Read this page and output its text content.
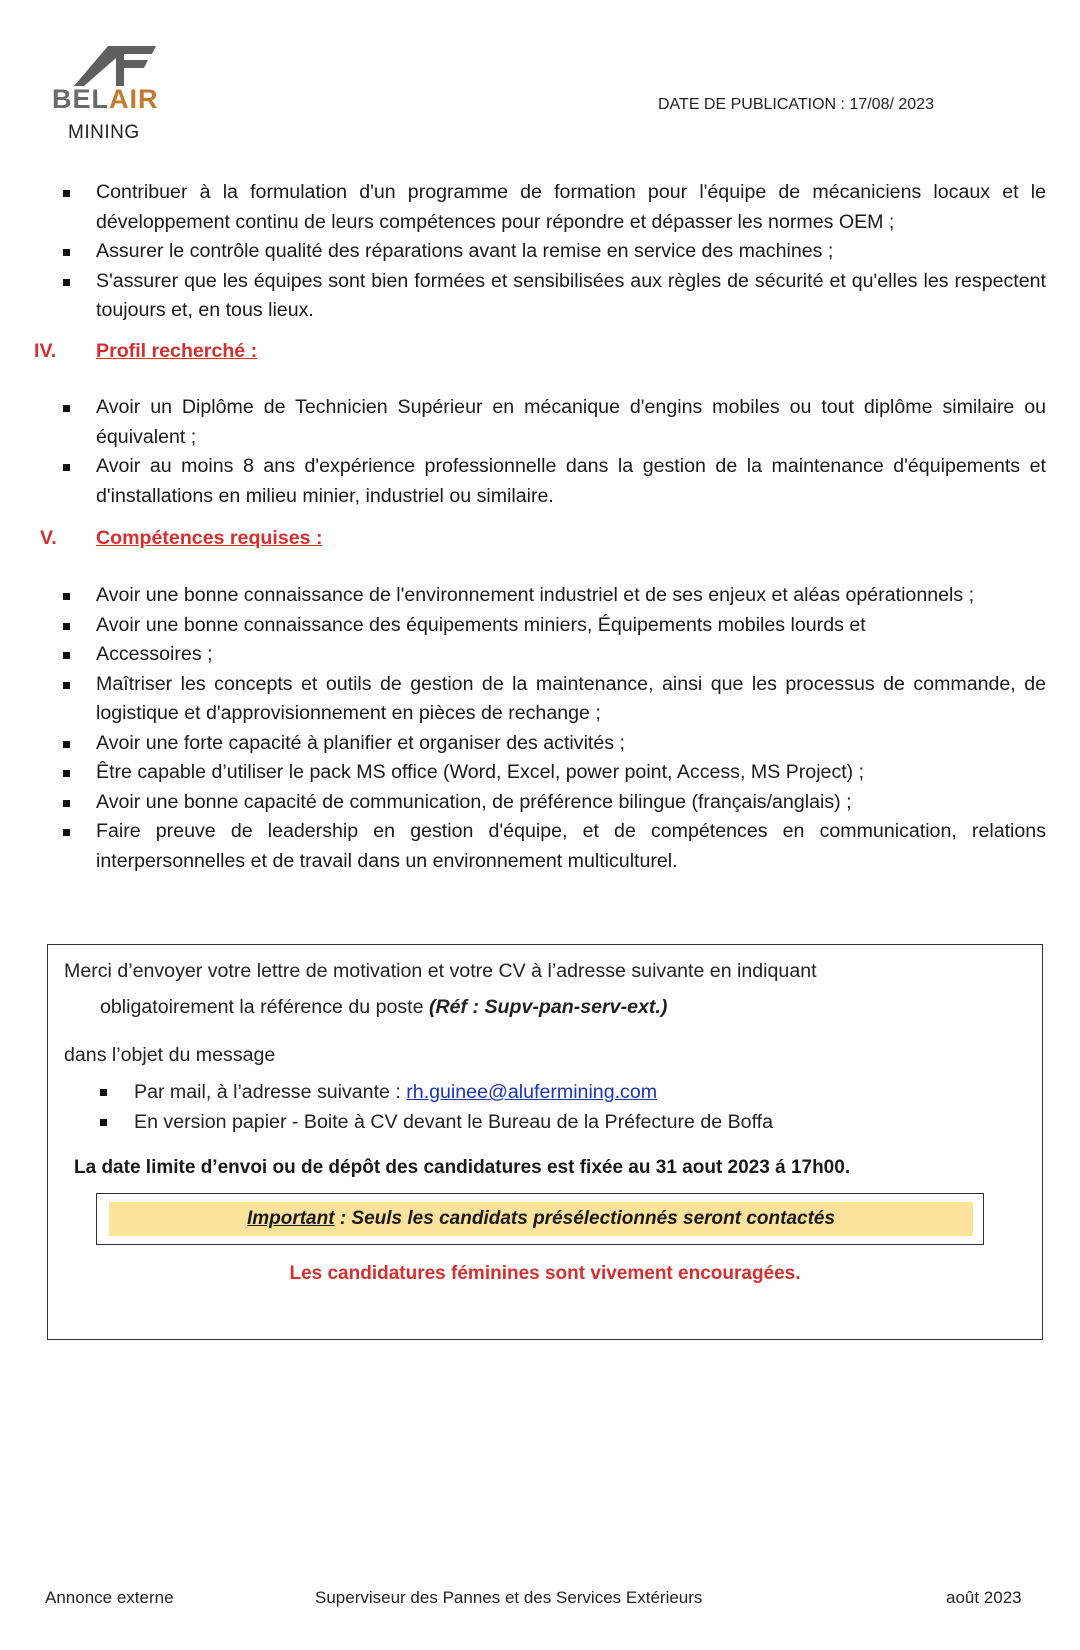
BELAIR
MINING
DATE DE PUBLICATION : 17/08/ 2023
Contribuer à la formulation d'un programme de formation pour l'équipe de mécaniciens locaux et le développement continu de leurs compétences pour répondre et dépasser les normes OEM ;
Assurer le contrôle qualité des réparations avant la remise en service des machines ;
S'assurer que les équipes sont bien formées et sensibilisées aux règles de sécurité et qu'elles les respectent toujours et, en tous lieux.
IV. Profil recherché :
Avoir un Diplôme de Technicien Supérieur en mécanique d'engins mobiles ou tout diplôme similaire ou équivalent ;
Avoir au moins 8 ans d'expérience professionnelle dans la gestion de la maintenance d'équipements et d'installations en milieu minier, industriel ou similaire.
V. Compétences requises :
Avoir une bonne connaissance de l'environnement industriel et de ses enjeux et aléas opérationnels ;
Avoir une bonne connaissance des équipements miniers, Équipements mobiles lourds et
Accessoires ;
Maîtriser les concepts et outils de gestion de la maintenance, ainsi que les processus de commande, de logistique et d'approvisionnement en pièces de rechange ;
Avoir une forte capacité à planifier et organiser des activités ;
Être capable d’utiliser le pack MS office (Word, Excel, power point, Access, MS Project) ;
Avoir une bonne capacité de communication, de préférence bilingue (français/anglais) ;
Faire preuve de leadership en gestion d'équipe, et de compétences en communication, relations interpersonnelles et de travail dans un environnement multiculturel.
Merci d’envoyer votre lettre de motivation et votre CV à l’adresse suivante en indiquant
obligatoirement la référence du poste (Réf : Supv-pan-serv-ext.)
dans l’objet du message
Par mail, à l’adresse suivante : rh.guinee@alufermining.com
En version papier - Boite à CV devant le Bureau de la Préfecture de Boffa
La date limite d’envoi ou de dépôt des candidatures est fixée au 31 aout 2023 á 17h00.
Important : Seuls les candidats présélectionnés seront contactés
Les candidatures féminines sont vivement encouragées.
Annonce externe	Superviseur des Pannes et des Services Extérieurs	août 2023
